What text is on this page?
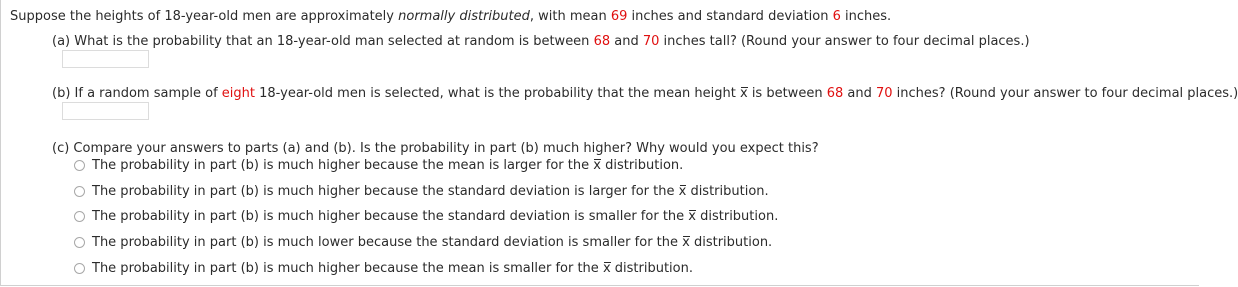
Suppose the heights of 18-year-old men are approximately normally distributed, with mean 69 inches and standard deviation 6 inches.
(a) What is the probability that an 18-year-old man selected at random is between 68 and 70 inches tall? (Round your answer to four decimal places.)
(b) If a random sample of eight 18-year-old men is selected, what is the probability that the mean height x is between 68 and 70 inches? (Round your answer to four decimal places.)
(c) Compare your answers to parts (a) and (b). Is the probability in part (b) much higher? Why would you expect this?
The probability in part (b) is much higher because the mean is larger for the x distribution.
The probability in part (b) is much higher because the standard deviation is larger for the x distribution.
The probability in part (b) is much higher because the standard deviation is smaller for the x distribution.
The probability in part (b) is much lower because the standard deviation is smaller for the x distribution.
The probability in part (b) is much higher because the mean is smaller for the x distribution.
